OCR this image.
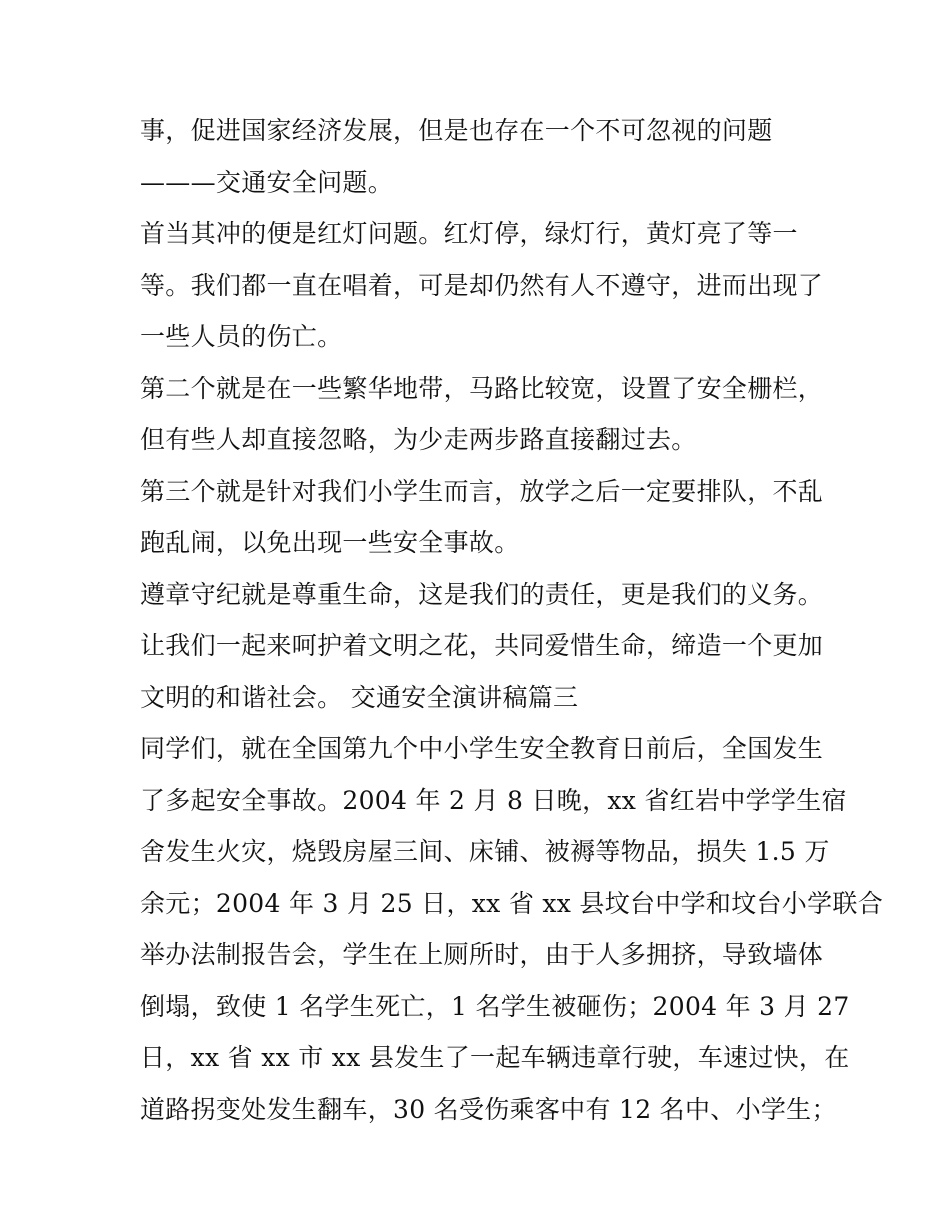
事，促进国家经济发展，但是也存在一个不可忽视的问题
———交通安全问题。
首当其冲的便是红灯问题。红灯停，绿灯行，黄灯亮了等一
等。我们都一直在唱着，可是却仍然有人不遵守，进而出现了
一些人员的伤亡。
第二个就是在一些繁华地带，马路比较宽，设置了安全栅栏，
但有些人却直接忽略，为少走两步路直接翻过去。
第三个就是针对我们小学生而言，放学之后一定要排队，不乱
跑乱闹，以免出现一些安全事故。
遵章守纪就是尊重生命，这是我们的责任，更是我们的义务。
让我们一起来呵护着文明之花，共同爱惜生命，缔造一个更加
文明的和谐社会。 交通安全演讲稿篇三
同学们，就在全国第九个中小学生安全教育日前后，全国发生
了多起安全事故。2004 年 2 月 8 日晚，xx 省红岩中学学生宿
舍发生火灾，烧毁房屋三间、床铺、被褥等物品，损失 1.5 万
余元；2004 年 3 月 25 日，xx 省 xx 县坟台中学和坟台小学联合
举办法制报告会，学生在上厕所时，由于人多拥挤，导致墙体
倒塌，致使 1 名学生死亡，1 名学生被砸伤；2004 年 3 月 27
日，xx 省 xx 市 xx 县发生了一起车辆违章行驶，车速过快，在
道路拐变处发生翻车，30 名受伤乘客中有 12 名中、小学生；
